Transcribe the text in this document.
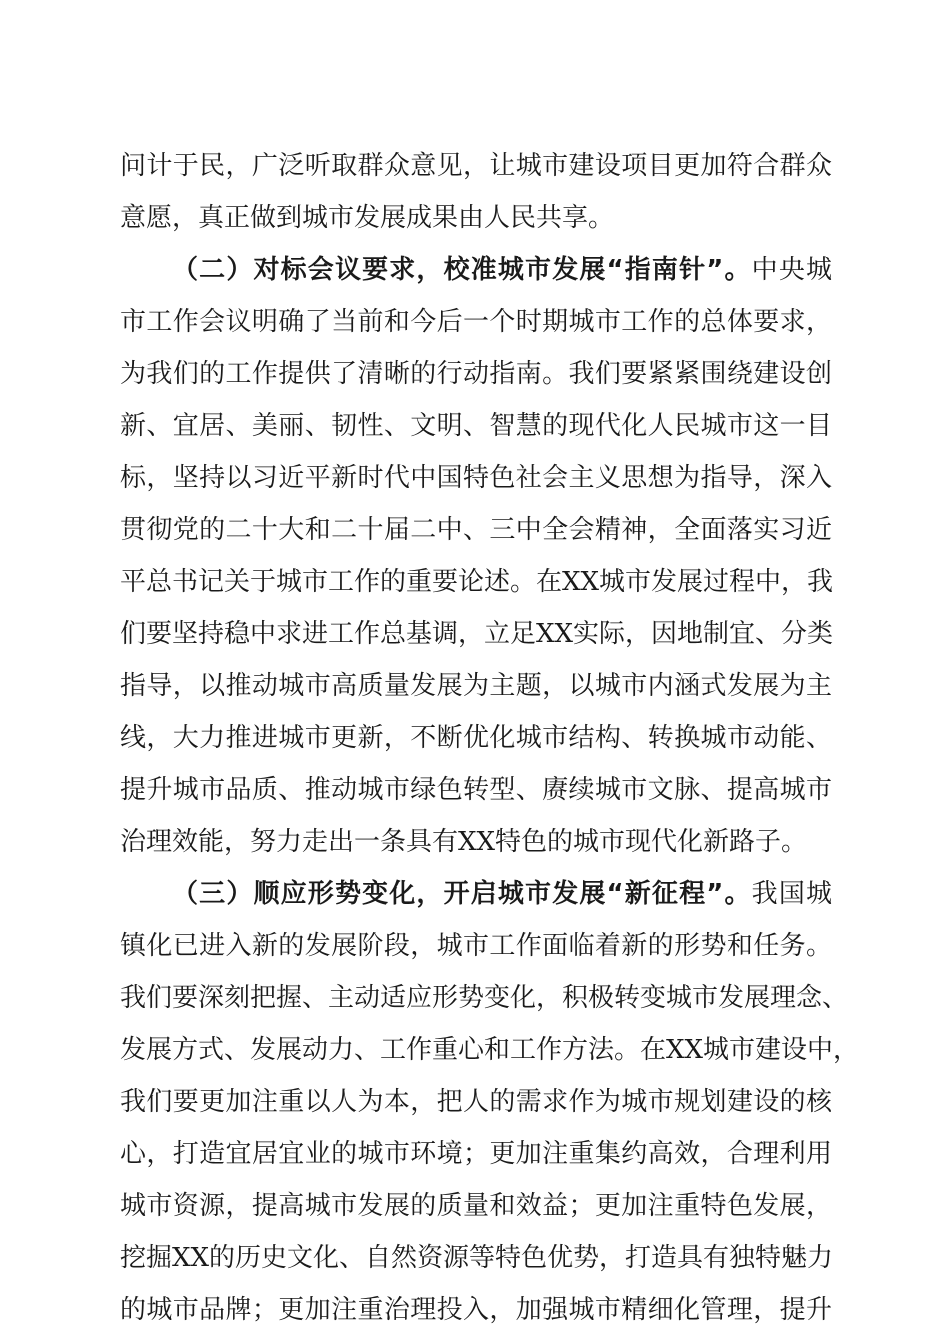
问计于民，广泛听取群众意见，让城市建设项目更加符合群众
意愿，真正做到城市发展成果由人民共享。
（二）对标会议要求，校准城市发展“指南针”。中央城
市工作会议明确了当前和今后一个时期城市工作的总体要求，
为我们的工作提供了清晰的行动指南。我们要紧紧围绕建设创
新、宜居、美丽、韧性、文明、智慧的现代化人民城市这一目
标，坚持以习近平新时代中国特色社会主义思想为指导，深入
贯彻党的二十大和二十届二中、三中全会精神，全面落实习近
平总书记关于城市工作的重要论述。在XX城市发展过程中，我
们要坚持稳中求进工作总基调，立足XX实际，因地制宜、分类
指导，以推动城市高质量发展为主题，以城市内涵式发展为主
线，大力推进城市更新，不断优化城市结构、转换城市动能、
提升城市品质、推动城市绿色转型、赓续城市文脉、提高城市
治理效能，努力走出一条具有XX特色的城市现代化新路子。
（三）顺应形势变化，开启城市发展“新征程”。我国城
镇化已进入新的发展阶段，城市工作面临着新的形势和任务。
我们要深刻把握、主动适应形势变化，积极转变城市发展理念、
发展方式、发展动力、工作重心和工作方法。在XX城市建设中，
我们要更加注重以人为本，把人的需求作为城市规划建设的核
心，打造宜居宜业的城市环境；更加注重集约高效，合理利用
城市资源，提高城市发展的质量和效益；更加注重特色发展，
挖掘XX的历史文化、自然资源等特色优势，打造具有独特魅力
的城市品牌；更加注重治理投入，加强城市精细化管理，提升
